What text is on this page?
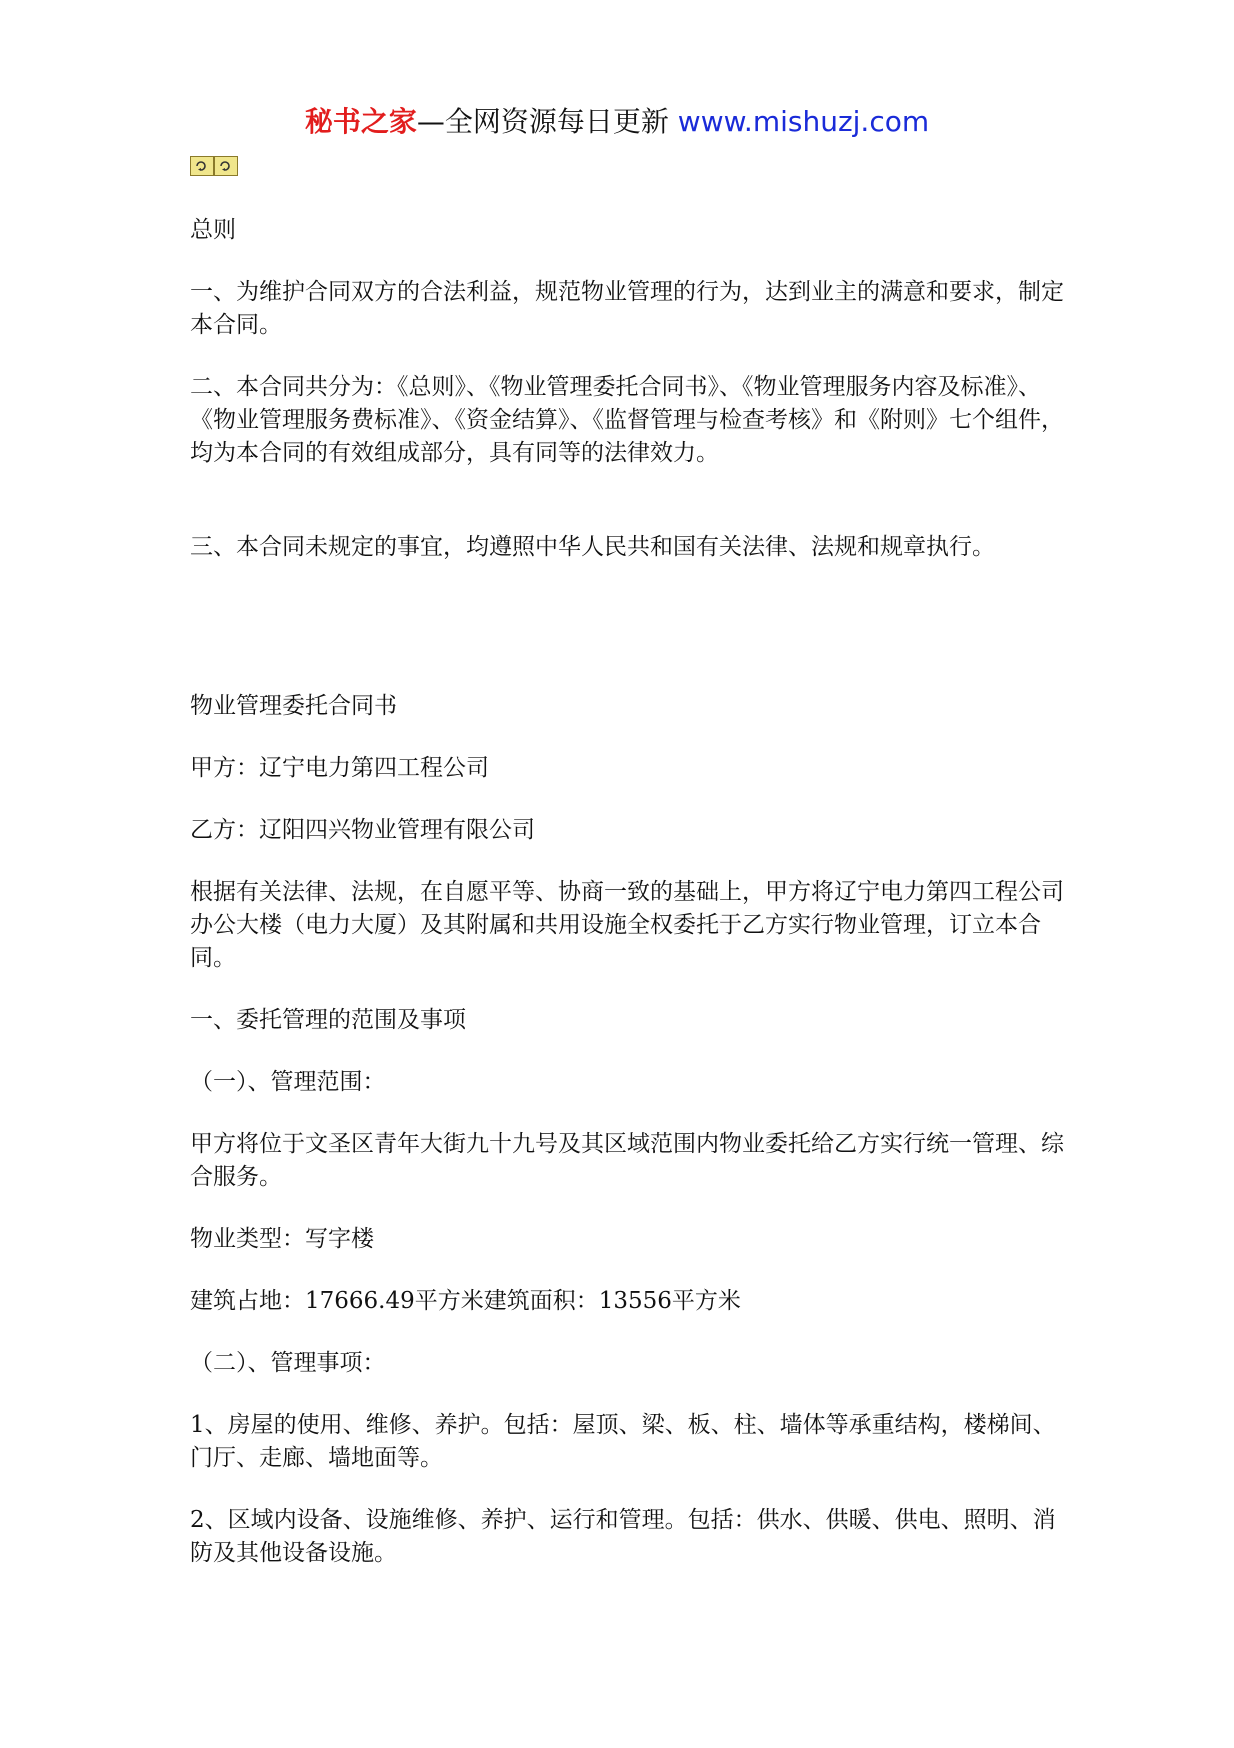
秘书之家—全网资源每日更新 www.mishuzj.com

总则

一、为维护合同双方的合法利益，规范物业管理的行为，达到业主的满意和要求，制定本合同。

二、本合同共分为：《总则》、《物业管理委托合同书》、《物业管理服务内容及标准》、《物业管理服务费标准》、《资金结算》、《监督管理与检查考核》和《附则》七个组件，均为本合同的有效组成部分，具有同等的法律效力。

三、本合同未规定的事宜，均遵照中华人民共和国有关法律、法规和规章执行。

物业管理委托合同书

甲方：辽宁电力第四工程公司

乙方：辽阳四兴物业管理有限公司

根据有关法律、法规，在自愿平等、协商一致的基础上，甲方将辽宁电力第四工程公司办公大楼（电力大厦）及其附属和共用设施全权委托于乙方实行物业管理，订立本合同。

一、委托管理的范围及事项

（一）、管理范围：

甲方将位于文圣区青年大街九十九号及其区域范围内物业委托给乙方实行统一管理、综合服务。

物业类型：写字楼

建筑占地：17666.49平方米建筑面积：13556平方米

（二）、管理事项：

1、房屋的使用、维修、养护。包括：屋顶、梁、板、柱、墙体等承重结构，楼梯间、门厅、走廊、墙地面等。

2、区域内设备、设施维修、养护、运行和管理。包括：供水、供暖、供电、照明、消防及其他设备设施。
